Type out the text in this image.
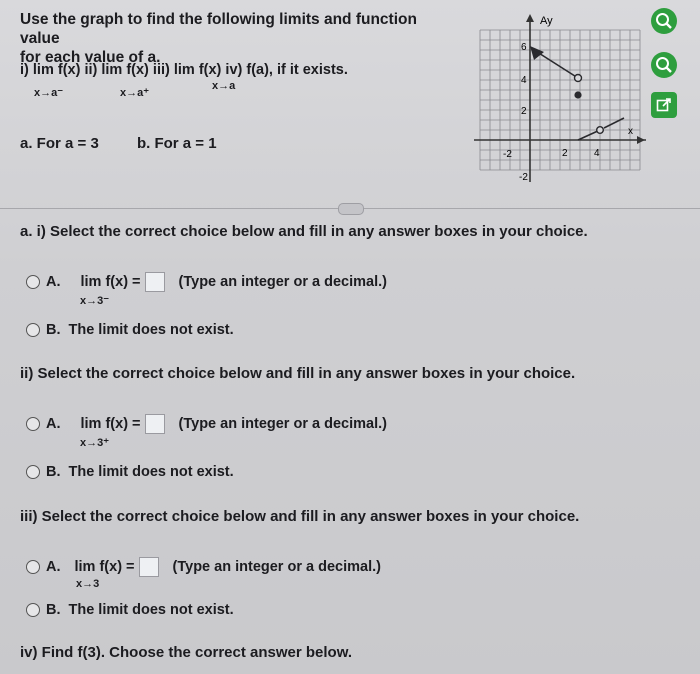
Use the graph to find the following limits and function value
for each value of a.
i) lim f(x) ii) lim f(x) iii) lim f(x) iv) f(a), if it exists.
x→a⁻	x→a⁺
x→a
a. For a = 3	b. For a = 1
Ay
x
6
4
2
-2	2	4
-2
a. i) Select the correct choice below and fill in any answer boxes in your choice.
A. lim f(x) =	(Type an integer or a decimal.)
x→3⁻
B. The limit does not exist.
ii) Select the correct choice below and fill in any answer boxes in your choice.
A. lim f(x) =	(Type an integer or a decimal.)
x→3⁺
B. The limit does not exist.
iii) Select the correct choice below and fill in any answer boxes in your choice.
A. lim f(x) =	(Type an integer or a decimal.)
x→3
B. The limit does not exist.
iv) Find f(3). Choose the correct answer below.
